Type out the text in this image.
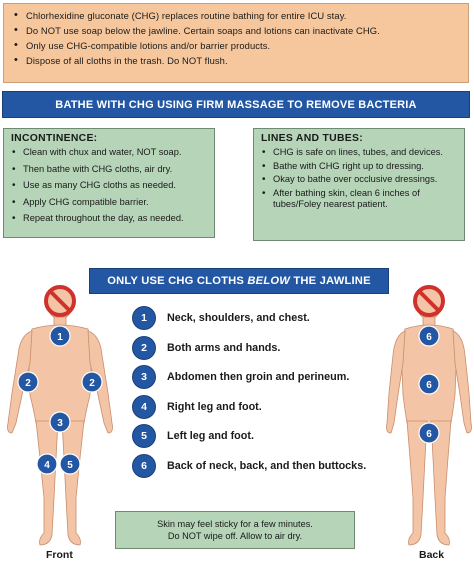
• Chlorhexidine gluconate (CHG) replaces routine bathing for entire ICU stay.
• Do NOT use soap below the jawline. Certain soaps and lotions can inactivate CHG.
• Only use CHG-compatible lotions and/or barrier products.
• Dispose of all cloths in the trash. Do NOT flush.
BATHE WITH CHG USING FIRM MASSAGE TO REMOVE BACTERIA
INCONTINENCE:
• Clean with chux and water, NOT soap.
• Then bathe with CHG cloths, air dry.
• Use as many CHG cloths as needed.
• Apply CHG compatible barrier.
• Repeat throughout the day, as needed.
LINES AND TUBES:
• CHG is safe on lines, tubes, and devices.
• Bathe with CHG right up to dressing.
• Okay to bathe over occlusive dressings.
• After bathing skin, clean 6 inches of tubes/Foley nearest patient.
ONLY USE CHG CLOTHS BELOW THE JAWLINE
1
2	2
3
4 5
1	Neck, shoulders, and chest.
2	Both arms and hands.
3	Abdomen then groin and perineum.
4	Right leg and foot.
5	Left leg and foot.
6	Back of neck, back, and then buttocks.
6
6
6
Skin may feel sticky for a few minutes.
Do NOT wipe off. Allow to air dry.
Front	Back
